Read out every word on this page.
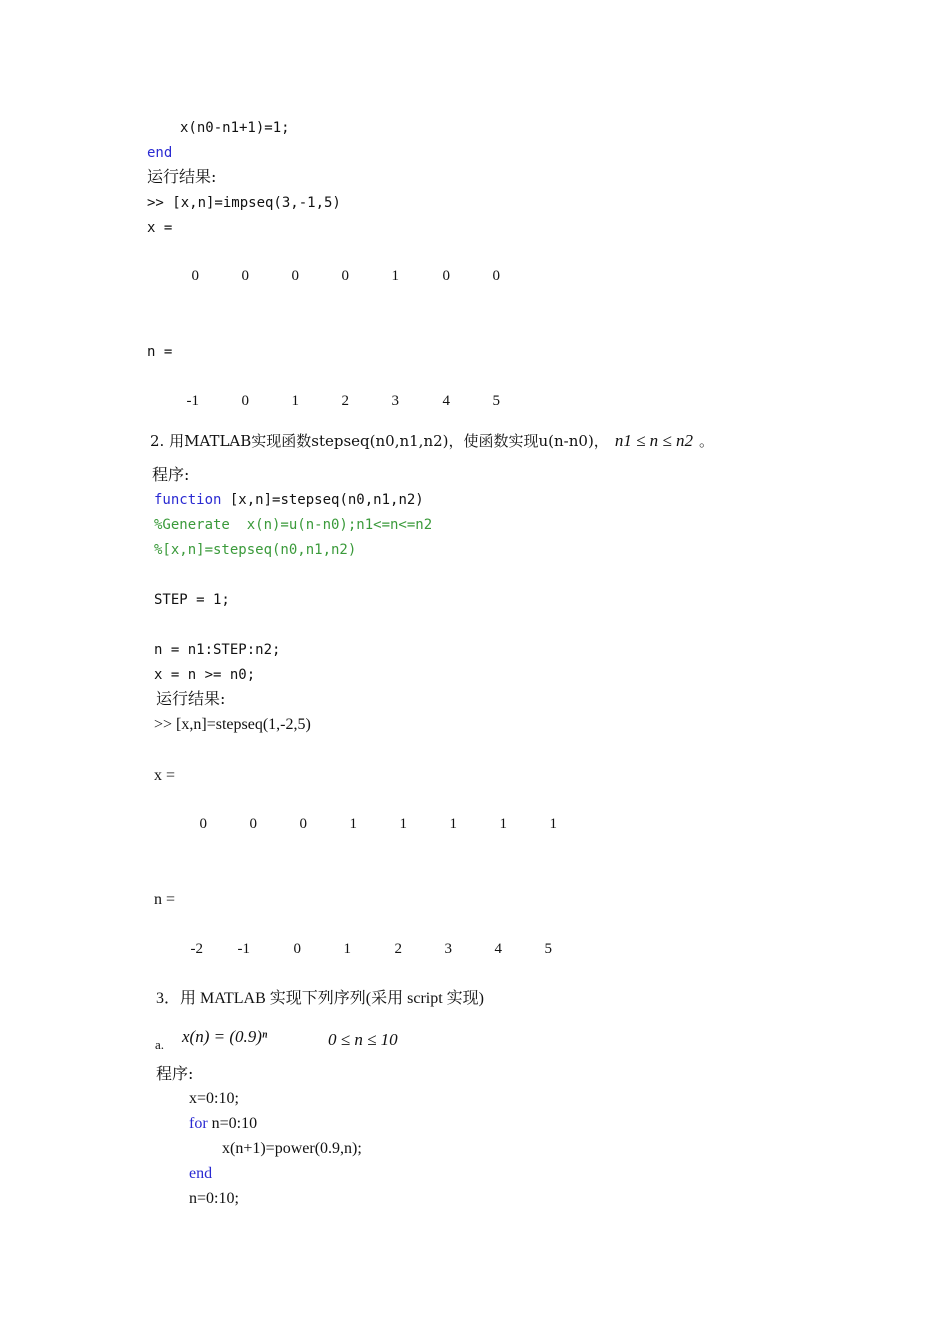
x(n0-n1+1)=1;
end
运行结果:
>> [x,n]=impseq(3,-1,5)
x =
0	0	0	0	1	0	0
n =
-1	0	1	2	3	4	5
2. 用MATLAB实现函数stepseq(n0,n1,n2)，使函数实现u(n-n0)， n1 ≤ n ≤ n2 。
程序:
function [x,n]=stepseq(n0,n1,n2)
%Generate  x(n)=u(n-n0);n1<=n<=n2
%[x,n]=stepseq(n0,n1,n2)
STEP = 1;
n = n1:STEP:n2;
x = n >= n0;
运行结果:
>> [x,n]=stepseq(1,-2,5)
x =
0	0	0	1	1	1	1	1
n =
-2	-1	0	1	2	3	4	5
3．用 MATLAB 实现下列序列(采用 script 实现)
a. x(n) = (0.9)ⁿ	0 ≤ n ≤ 10
程序:
x=0:10;
for n=0:10
x(n+1)=power(0.9,n);
end
n=0:10;
